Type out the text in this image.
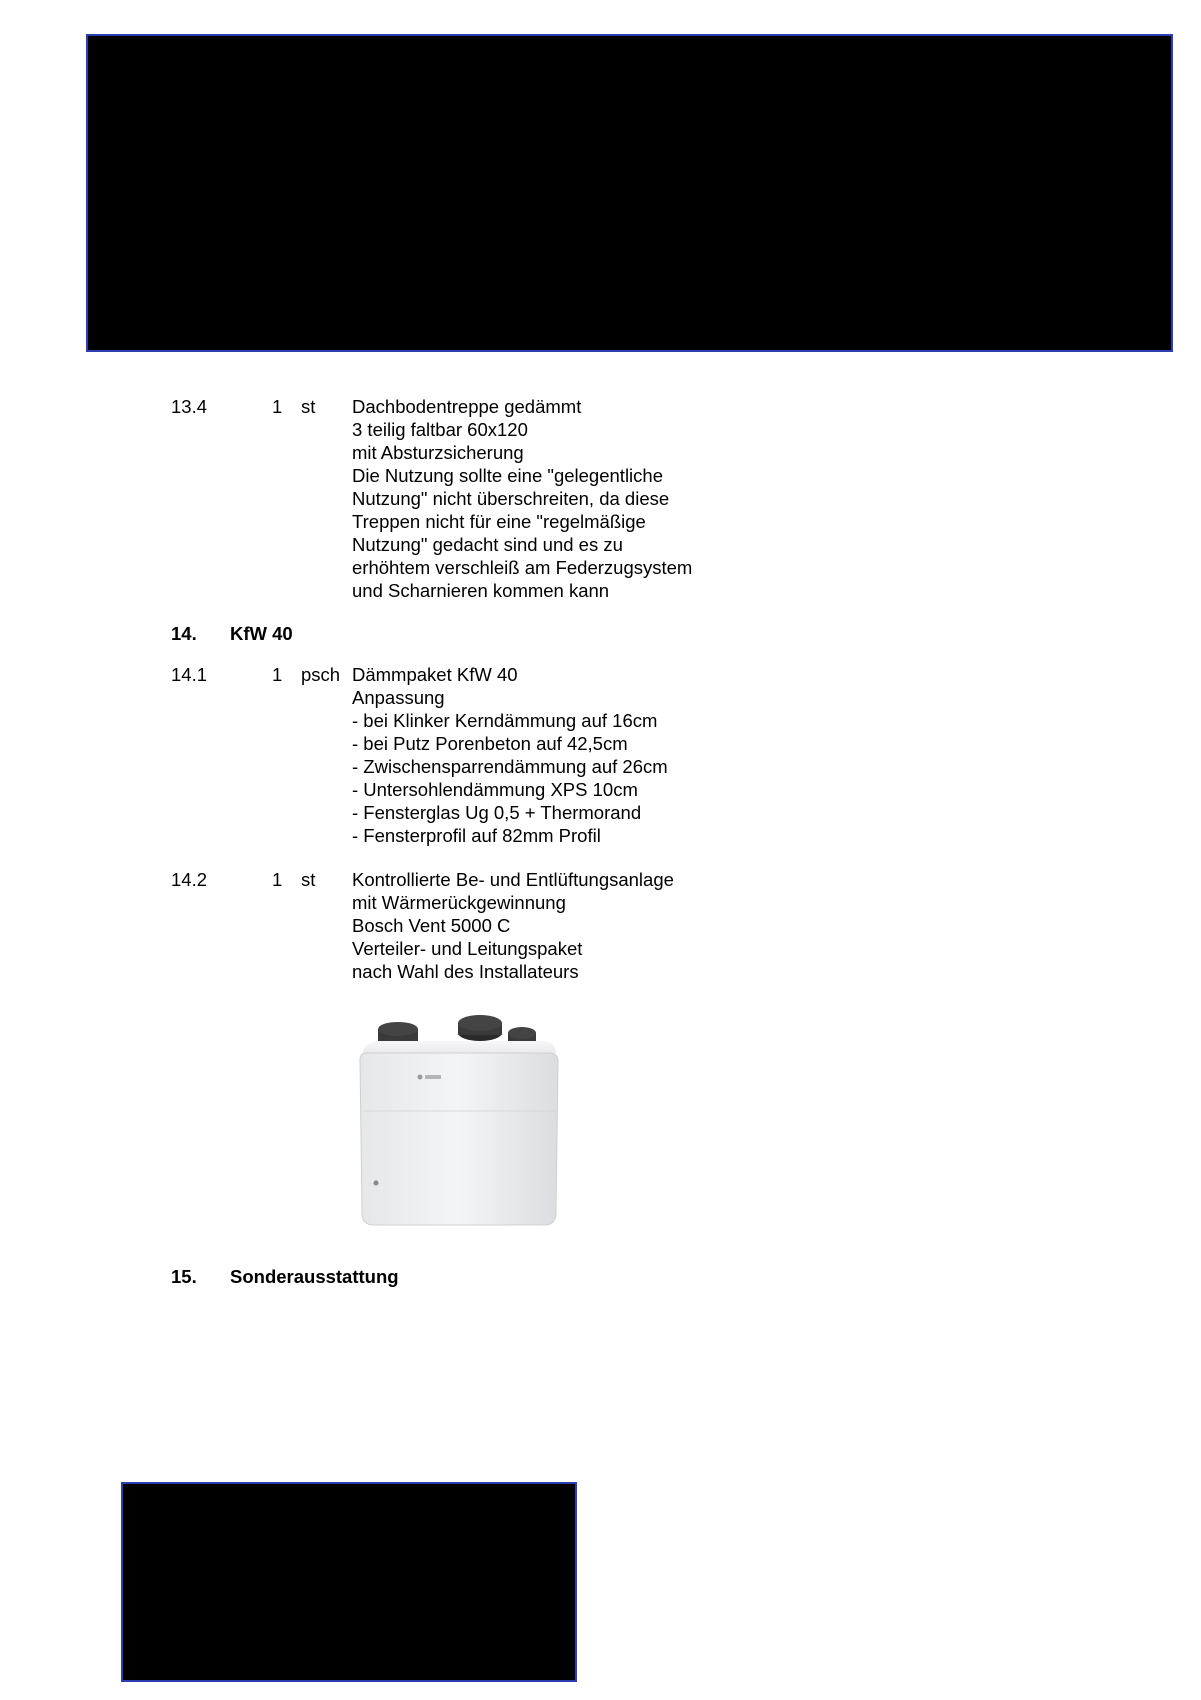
13.4	1 st Dachbodentreppe gedämmt
3 teilig faltbar 60x120
mit Absturzsicherung
Die Nutzung sollte eine "gelegentliche
Nutzung" nicht überschreiten, da diese
Treppen nicht für eine "regelmäßige
Nutzung" gedacht sind und es zu
erhöhtem verschleiß am Federzugsystem
und Scharnieren kommen kann
14. KfW 40
14.1	1 psch Dämmpaket KfW 40
Anpassung
- bei Klinker Kerndämmung auf 16cm
- bei Putz Porenbeton auf 42,5cm
- Zwischensparrendämmung auf 26cm
- Untersohlendämmung XPS 10cm
- Fensterglas Ug 0,5 + Thermorand
- Fensterprofil auf 82mm Profil
14.2	1 st Kontrollierte Be- und Entlüftungsanlage
mit Wärmerückgewinnung
Bosch Vent 5000 C
Verteiler- und Leitungspaket
nach Wahl des Installateurs
15. Sonderausstattung
